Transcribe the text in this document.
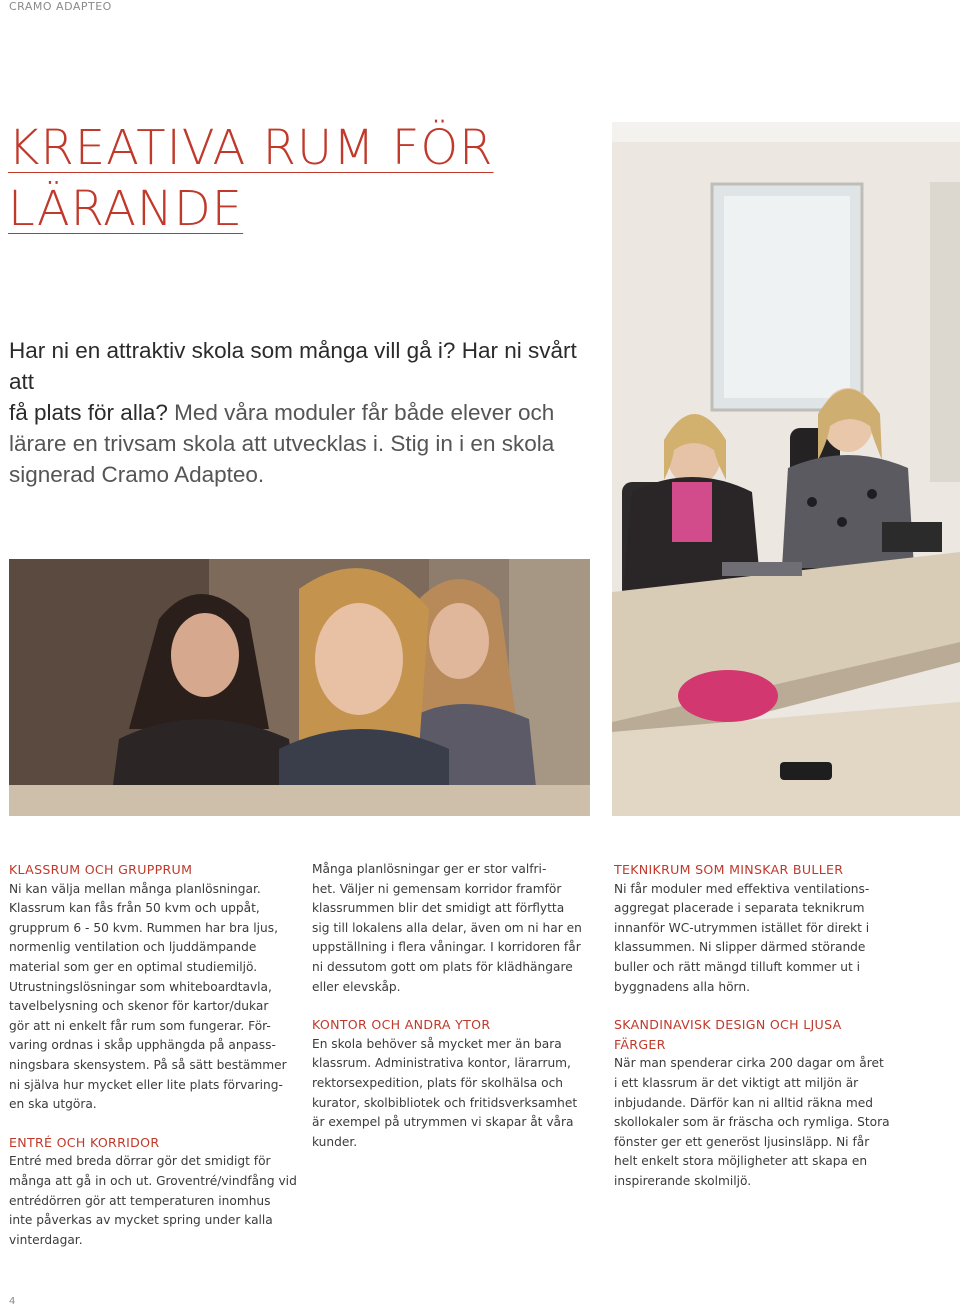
CRAMO ADAPTEO
KREATIVA RUM FÖR
LÄRANDE
Har ni en attraktiv skola som många vill gå i? Har ni svårt att
få plats för alla? Med våra moduler får både elever och
lärare en trivsam skola att utvecklas i. Stig in i en skola
signerad Cramo Adapteo.
KLASSRUM OCH GRUPPRUM
Ni kan välja mellan många planlösningar.
Klassrum kan fås från 50 kvm och uppåt,
grupprum 6 - 50 kvm. Rummen har bra ljus,
normenlig ventilation och ljuddämpande
material som ger en optimal studiemiljö.
Utrustningslösningar som whiteboardtavla,
tavelbelysning och skenor för kartor/dukar
gör att ni enkelt får rum som fungerar. För-
varing ordnas i skåp upphängda på anpass-
ningsbara skensystem. På så sätt bestämmer
ni själva hur mycket eller lite plats förvaring-
en ska utgöra.
ENTRÉ OCH KORRIDOR
Entré med breda dörrar gör det smidigt för
många att gå in och ut. Groventré/vindfång vid
entrédörren gör att temperaturen inomhus
inte påverkas av mycket spring under kalla
vinterdagar.
Många planlösningar ger er stor valfri-
het. Väljer ni gemensam korridor framför
klassrummen blir det smidigt att förflytta
sig till lokalens alla delar, även om ni har en
uppställning i flera våningar. I korridoren får
ni dessutom gott om plats för klädhängare
eller elevskåp.
KONTOR OCH ANDRA YTOR
En skola behöver så mycket mer än bara
klassrum. Administrativa kontor, lärarrum,
rektorsexpedition, plats för skolhälsa och
kurator, skolbibliotek och fritidsverksamhet
är exempel på utrymmen vi skapar åt våra
kunder.
TEKNIKRUM SOM MINSKAR BULLER
Ni får moduler med effektiva ventilations-
aggregat placerade i separata teknikrum
innanför WC-utrymmen istället för direkt i
klassummen. Ni slipper därmed störande
buller och rätt mängd tilluft kommer ut i
byggnadens alla hörn.
SKANDINAVISK DESIGN OCH LJUSA
FÄRGER
När man spenderar cirka 200 dagar om året
i ett klassrum är det viktigt att miljön är
inbjudande. Därför kan ni alltid räkna med
skollokaler som är fräscha och rymliga. Stora
fönster ger ett generöst ljusinsläpp. Ni får
helt enkelt stora möjligheter att skapa en
inspirerande skolmiljö.
4
